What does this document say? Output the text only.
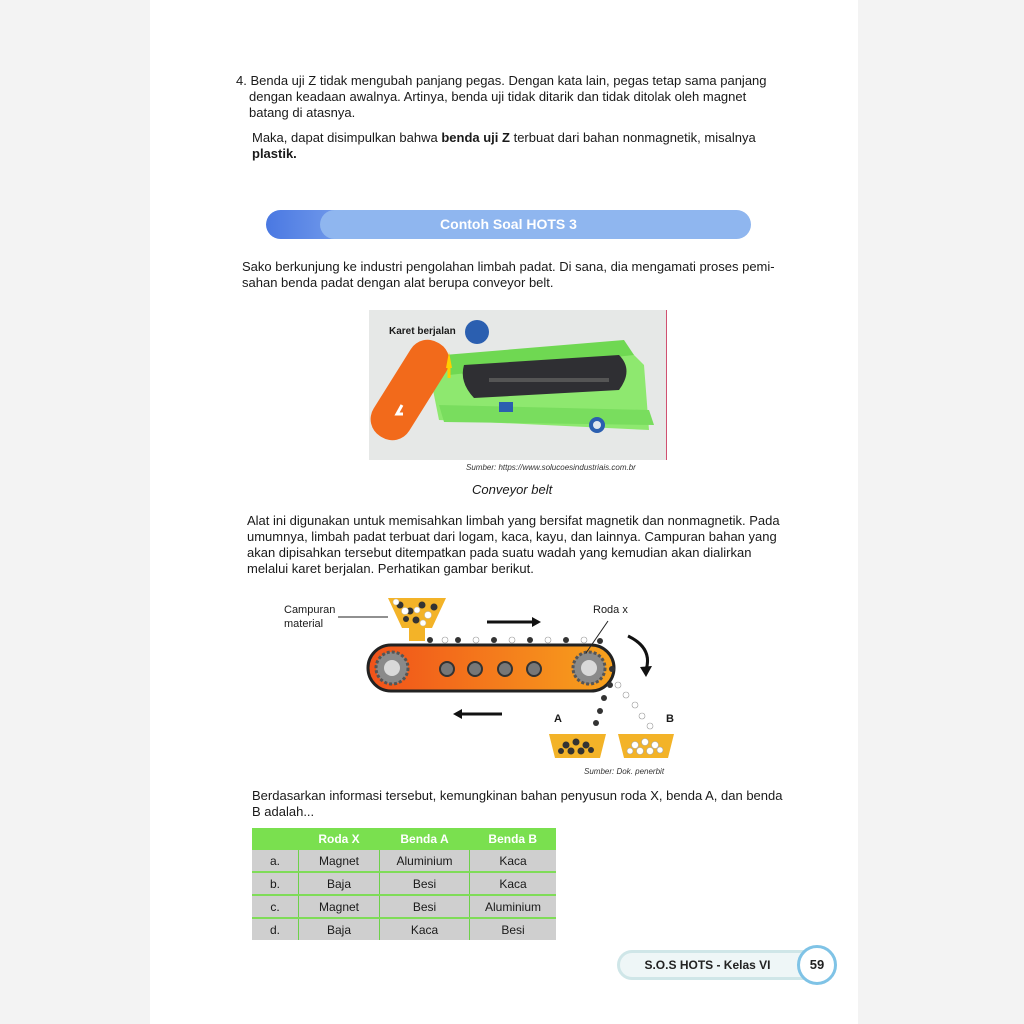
4. Benda uji Z tidak mengubah panjang pegas. Dengan kata lain, pegas tetap sama panjang
dengan keadaan awalnya. Artinya, benda uji tidak ditarik dan tidak ditolak oleh magnet
batang di atasnya.
Maka, dapat disimpulkan bahwa benda uji Z terbuat dari bahan nonmagnetik, misalnya
plastik.
Contoh Soal HOTS 3
Sako berkunjung ke industri pengolahan limbah padat. Di sana, dia mengamati proses pemi-
sahan benda padat dengan alat berupa conveyor belt.
Karet berjalan
Sumber: https://www.solucoesindustriais.com.br
Conveyor belt
Alat ini digunakan untuk memisahkan limbah yang bersifat magnetik dan nonmagnetik. Pada
umumnya, limbah padat terbuat dari logam, kaca, kayu, dan lainnya. Campuran bahan yang
akan dipisahkan tersebut ditempatkan pada suatu wadah yang kemudian akan dialirkan
melalui karet berjalan. Perhatikan gambar berikut.
Campuran
material
Roda x
A	B
Sumber: Dok. penerbit
Berdasarkan informasi tersebut, kemungkinan bahan penyusun roda X, benda A, dan benda
B adalah...
	Roda X	Benda A	Benda B
a.	Magnet	Aluminium	Kaca
b.	Baja	Besi	Kaca
c.	Magnet	Besi	Aluminium
d.	Baja	Kaca	Besi
S.O.S HOTS - Kelas VI	59
